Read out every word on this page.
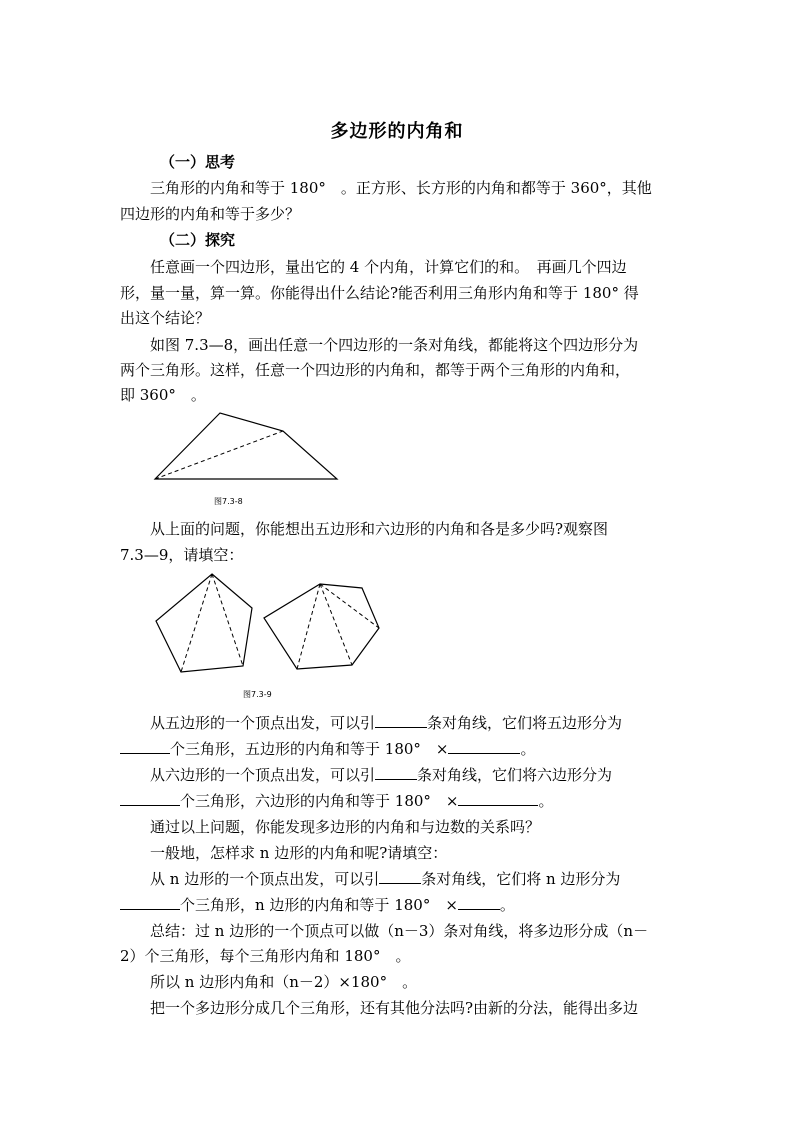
多边形的内角和
（一）思考
三角形的内角和等于 180°　。正方形、长方形的内角和都等于 360°，其他
四边形的内角和等于多少？
（二）探究
任意画一个四边形，量出它的 4 个内角，计算它们的和。　再画几个四边
形，量一量，算一算。你能得出什么结论?能否利用三角形内角和等于 180° 得
出这个结论？
如图 7.3—8，画出任意一个四边形的一条对角线，都能将这个四边形分为
两个三角形。这样，任意一个四边形的内角和，都等于两个三角形的内角和，
即 360°　。
图7.3-8
从上面的问题，你能想出五边形和六边形的内角和各是多少吗?观察图
7.3—9，请填空：
图7.3-9
从五边形的一个顶点出发，可以引	条对角线，它们将五边形分为
个三角形，五边形的内角和等于 180°　×	。
从六边形的一个顶点出发，可以引	条对角线，它们将六边形分为
个三角形，六边形的内角和等于 180°　×	。
通过以上问题，你能发现多边形的内角和与边数的关系吗？
一般地，怎样求 n 边形的内角和呢?请填空：
从 n 边形的一个顶点出发，可以引	条对角线，它们将 n 边形分为
个三角形，n 边形的内角和等于 180°　×	。
总结：过 n 边形的一个顶点可以做（n－3）条对角线，将多边形分成（n－
2）个三角形，每个三角形内角和 180°　。
所以 n 边形内角和（n－2）×180°　。
把一个多边形分成几个三角形，还有其他分法吗?由新的分法，能得出多边
